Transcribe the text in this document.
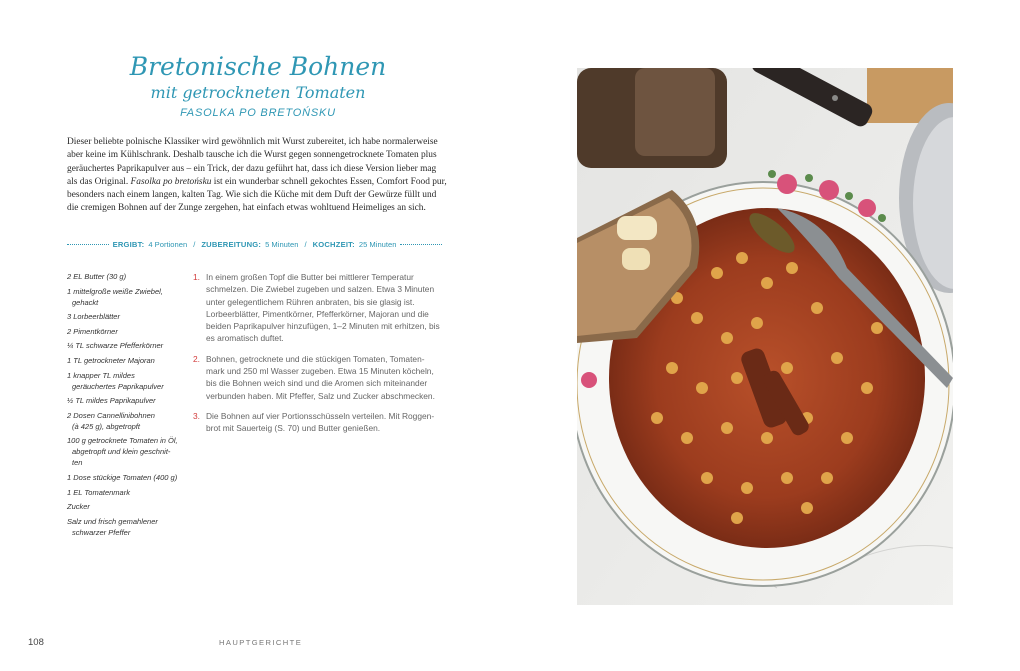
Bretonische Bohnen
mit getrockneten Tomaten
FASOLKA PO BRETOŃSKU

Dieser beliebte polnische Klassiker wird gewöhnlich mit Wurst zubereitet, ich habe normalerweise

aber keine im Kühlschrank. Deshalb tausche ich die Wurst gegen sonnengetrocknete Tomaten plus

geräuchertes Paprikapulver aus – ein Trick, der dazu geführt hat, dass ich diese Version lieber mag

als das Original. Fasolka po bretońsku ist ein wunderbar schnell gekochtes Essen, Comfort Food pur,

besonders nach einem langen, kalten Tag. Wie sich die Küche mit dem Duft der Gewürze füllt und

die cremigen Bohnen auf der Zunge zergehen, hat einfach etwas wohltuend Heimeliges an sich.

ERGIBT: 4 Portionen / ZUBEREITUNG: 5 Minuten / KOCHZEIT: 25 Minuten
2 EL Butter (30 g)
1 mittelgroße weiße Zwiebel,
gehackt
3 Lorbeerblätter
2 Pimentkörner
¼ TL schwarze Pfefferkörner
1 TL getrockneter Majoran
1 knapper TL mildes
geräuchertes Paprikapulver
½ TL mildes Paprikapulver
2 Dosen Cannellinibohnen
(à 425 g), abgetropft
100 g getrocknete Tomaten in Öl,
abgetropft und klein geschnit-
ten
1 Dose stückige Tomaten (400 g)
1 EL Tomatenmark
Zucker
Salz und frisch gemahlener
schwarzer Pfeffer
1. In einem großen Topf die Butter bei mittlerer Temperatur
schmelzen. Die Zwiebel zugeben und salzen. Etwa 3 Minuten
unter gelegentlichem Rühren anbraten, bis sie glasig ist.
Lorbeerblätter, Pimentkörner, Pfefferkörner, Majoran und die
beiden Paprikapulver hinzufügen, 1–2 Minuten mit erhitzen, bis
es aromatisch duftet.
2. Bohnen, getrocknete und die stückigen Tomaten, Tomaten-
mark und 250 ml Wasser zugeben. Etwa 15 Minuten köcheln,
bis die Bohnen weich sind und die Aromen sich miteinander
verbunden haben. Mit Pfeffer, Salz und Zucker abschmecken.
3. Die Bohnen auf vier Portionsschüsseln verteilen. Mit Roggen-
brot mit Sauerteig (S. 70) und Butter genießen.
108	HAUPTGERICHTE
